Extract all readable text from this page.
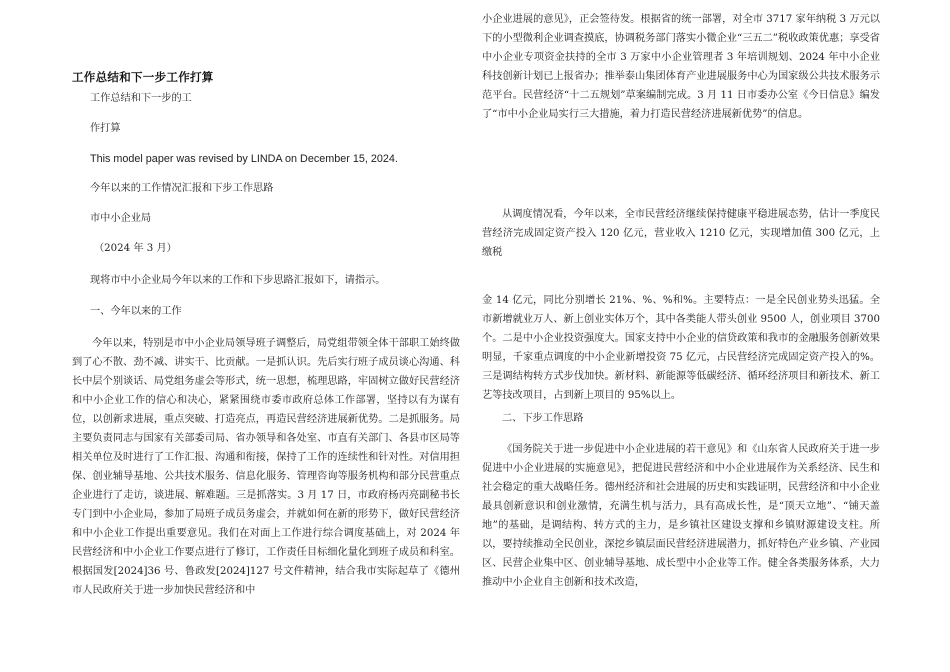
工作总结和下一步工作打算
工作总结和下一步的工
作打算
This model paper was revised by LINDA on December 15, 2024.
今年以来的工作情况汇报和下步工作思路
市中小企业局
（2024 年 3 月）
现将市中小企业局今年以来的工作和下步思路汇报如下，请指示。
一、今年以来的工作

今年以来，特别是市中小企业局领导班子调整后，局党组带领全体干部职工始终做到了心不散、劲不减、讲实干、比贡献。一是抓认识。先后实行班子成员谈心沟通、科长中层个别谈话、局党组务虚会等形式，统一思想，梳理思路，牢固树立做好民营经济和中小企业工作的信心和决心，紧紧围绕市委市政府总体工作部署，坚持以有为谋有位，以创新求进展，重点突破、打造亮点，再造民营经济进展新优势。二是抓服务。局主要负责同志与国家有关部委司局、省办领导和各处室、市直有关部门、各县市区局等相关单位及时进行了工作汇报、沟通和衔接，保持了工作的连续性和针对性。对信用担保、创业辅导基地、公共技术服务、信息化服务、管理咨询等服务机构和部分民营重点企业进行了走访，谈进展、解难题。三是抓落实。3 月 17 日，市政府杨丙亮副秘书长专门到中小企业局，参加了局班子成员务虚会，并就如何在新的形势下，做好民营经济和中小企业工作提出重要意见。我们在对面上工作进行综合调度基础上，对 2024 年民营经济和中小企业工作要点进行了修订，工作责任目标细化量化到班子成员和科室。根据国发[2024]36 号、鲁政发[2024]127 号文件精神，结合我市实际起草了《德州市人民政府关于进一步加快民营经济和中

小企业进展的意见》，正会签待发。根据省的统一部署，对全市 3717 家年纳税 3 万元以下的小型微利企业调查摸底，协调税务部门落实小微企业“三五二”税收政策优惠；享受省中小企业专项资金扶持的全市 3 万家中小企业管理者 3 年培训规划、2024 年中小企业科技创新计划已上报省办；推举泰山集团体育产业进展服务中心为国家级公共技术服务示范平台。民营经济“十二五规划”草案编制完成。3 月 11 日市委办公室《今日信息》编发了“市中小企业局实行三大措施，着力打造民营经济进展新优势”的信息。

从调度情况看，今年以来，全市民营经济继续保持健康平稳进展态势，估计一季度民营经济完成固定资产投入 120 亿元，营业收入 1210 亿元，实现增加值 300 亿元，上缴税

金 14 亿元，同比分别增长 21%、%、%和%。主要特点：一是全民创业势头迅猛。全市新增就业万人、新上创业实体万个，其中各类能人带头创业 9500 人，创业项目 3700 个。二是中小企业投资强度大。国家支持中小企业的信贷政策和我市的金融服务创新效果明显，千家重点调度的中小企业新增投资 75 亿元，占民营经济完成固定资产投入的%。三是调结构转方式步伐加快。新材料、新能源等低碳经济、循环经济项目和新技术、新工艺等技改项目，占到新上项目的 95%以上。

二、下步工作思路

《国务院关于进一步促进中小企业进展的若干意见》和《山东省人民政府关于进一步促进中小企业进展的实施意见》，把促进民营经济和中小企业进展作为关系经济、民生和社会稳定的重大战略任务。德州经济和社会进展的历史和实践证明，民营经济和中小企业最具创新意识和创业激情，充满生机与活力，具有高成长性，是“顶天立地”、“铺天盖地”的基础，是调结构、转方式的主力，是乡镇社区建设支撑和乡镇财源建设支柱。所以，要持续推动全民创业，深挖乡镇层面民营经济进展潜力，抓好特色产业乡镇、产业园区、民营企业集中区、创业辅导基地、成长型中小企业等工作。健全各类服务体系，大力推动中小企业自主创新和技术改造，
